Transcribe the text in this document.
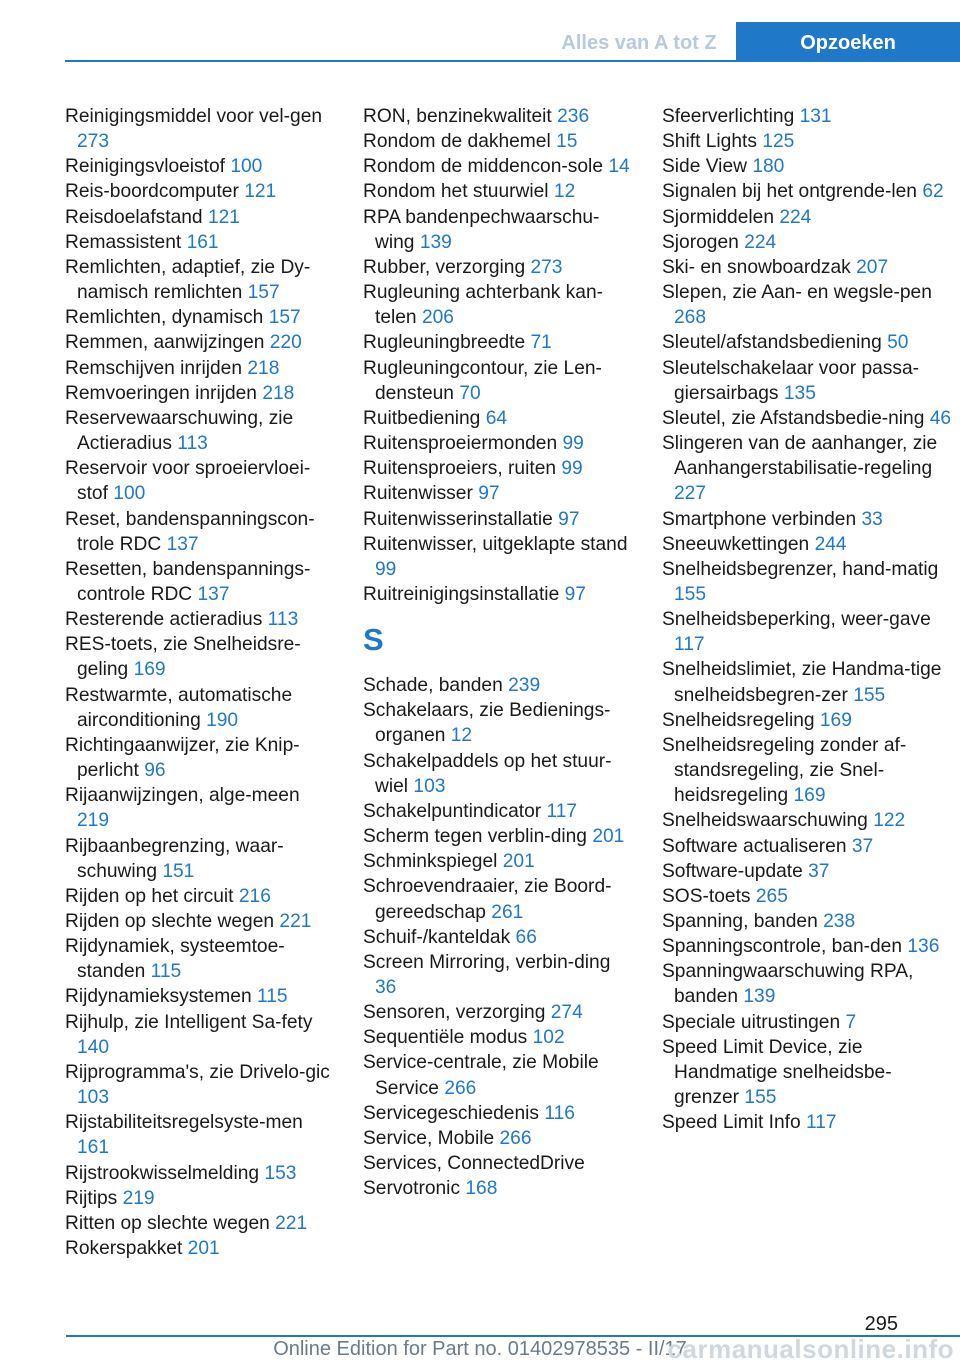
Alles van A tot Z	Opzoeken
Reinigingsmiddel voor vel‐gen 273
Reinigingsvloeistof 100
Reis-boordcomputer 121
Reisdoelafstand 121
Remassistent 161
Remlichten, adaptief, zie Dy‐namisch remlichten 157
Remlichten, dynamisch 157
Remmen, aanwijzingen 220
Remschijven inrijden 218
Remvoeringen inrijden 218
Reservewaarschuwing, zie Actieradius 113
Reservoir voor sproeiervloei‐stof 100
Reset, bandenspanningscon‐trole RDC 137
Resetten, bandenspannings‐controle RDC 137
Resterende actieradius 113
RES-toets, zie Snelheidsre‐geling 169
Restwarmte, automatische airconditioning 190
Richtingaanwijzer, zie Knip‐perlicht 96
Rijaanwijzingen, alge‐meen 219
Rijbaanbegrenzing, waar‐schuwing 151
Rijden op het circuit 216
Rijden op slechte wegen 221
Rijdynamiek, systeemtoe‐standen 115
Rijdynamieksystemen 115
Rijhulp, zie Intelligent Sa‐fety 140
Rijprogramma's, zie Drivelo‐gic 103
Rijstabiliteitsregelsyste‐men 161
Rijstrookwisselmelding 153
Rijtips 219
Ritten op slechte wegen 221
Rokerspakket 201
RON, benzinekwaliteit 236
Rondom de dakhemel 15
Rondom de middencon‐sole 14
Rondom het stuurwiel 12
RPA bandenpechwaarschu‐wing 139
Rubber, verzorging 273
Rugleuning achterbank kan‐telen 206
Rugleuningbreedte 71
Rugleuningcontour, zie Len‐densteun 70
Ruitbediening 64
Ruitensproeiermonden 99
Ruitensproeiers, ruiten 99
Ruitenwisser 97
Ruitenwisserinstallatie 97
Ruitenwisser, uitgeklapte stand 99
Ruitreinigingsinstallatie 97
S
Schade, banden 239
Schakelaars, zie Bedienings‐organen 12
Schakelpaddels op het stuur‐wiel 103
Schakelpuntindicator 117
Scherm tegen verblin‐ding 201
Schminkspiegel 201
Schroevendraaier, zie Boord‐gereedschap 261
Schuif-/kanteldak 66
Screen Mirroring, verbin‐ding 36
Sensoren, verzorging 274
Sequentiële modus 102
Service-centrale, zie Mobile Service 266
Servicegeschiedenis 116
Service, Mobile 266
Services, ConnectedDrive
Servotronic 168
Sfeerverlichting 131
Shift Lights 125
Side View 180
Signalen bij het ontgrende‐len 62
Sjormiddelen 224
Sjorogen 224
Ski- en snowboardzak 207
Slepen, zie Aan- en wegsle‐pen 268
Sleutel/afstandsbediening 50
Sleutelschakelaar voor passa‐giersairbags 135
Sleutel, zie Afstandsbedie‐ning 46
Slingeren van de aanhanger, zie Aanhangerstabilisatie‐regeling 227
Smartphone verbinden 33
Sneeuwkettingen 244
Snelheidsbegrenzer, hand‐matig 155
Snelheidsbeperking, weer‐gave 117
Snelheidslimiet, zie Handma‐tige snelheidsbegren‐zer 155
Snelheidsregeling 169
Snelheidsregeling zonder af‐standsregeling, zie Snel‐heidsregeling 169
Snelheidswaarschuwing 122
Software actualiseren 37
Software-update 37
SOS-toets 265
Spanning, banden 238
Spanningscontrole, ban‐den 136
Spanningwaarschuwing RPA, banden 139
Speciale uitrustingen 7
Speed Limit Device, zie Handmatige snelheidsbe‐grenzer 155
Speed Limit Info 117
295
Online Edition for Part no. 01402978535 - II/17
carmanualsonline.info
